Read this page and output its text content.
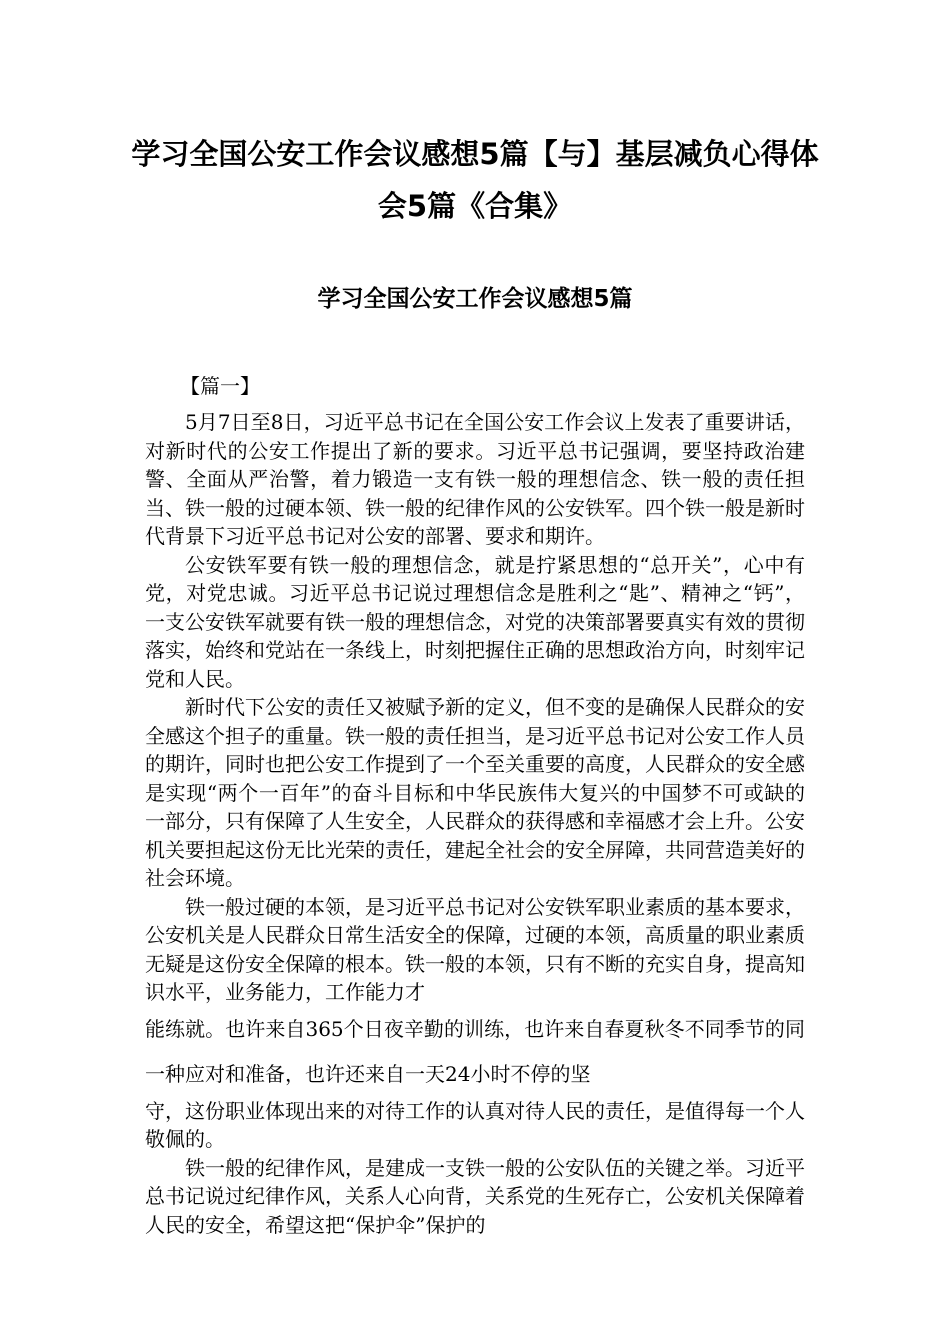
学习全国公安工作会议感想5篇【与】基层减负心得体会5篇《合集》
学习全国公安工作会议感想5篇

【篇一】

5月7日至8日，习近平总书记在全国公安工作会议上发表了重要讲话，对新时代的公安工作提出了新的要求。习近平总书记强调，要坚持政治建警、全面从严治警，着力锻造一支有铁一般的理想信念、铁一般的责任担当、铁一般的过硬本领、铁一般的纪律作风的公安铁军。四个铁一般是新时代背景下习近平总书记对公安的部署、要求和期许。

公安铁军要有铁一般的理想信念，就是拧紧思想的“总开关”，心中有党，对党忠诚。习近平总书记说过理想信念是胜利之“匙”、精神之“钙”，一支公安铁军就要有铁一般的理想信念，对党的决策部署要真实有效的贯彻落实，始终和党站在一条线上，时刻把握住正确的思想政治方向，时刻牢记党和人民。

新时代下公安的责任又被赋予新的定义，但不变的是确保人民群众的安全感这个担子的重量。铁一般的责任担当，是习近平总书记对公安工作人员的期许，同时也把公安工作提到了一个至关重要的高度，人民群众的安全感是实现“两个一百年”的奋斗目标和中华民族伟大复兴的中国梦不可或缺的一部分，只有保障了人生安全，人民群众的获得感和幸福感才会上升。公安机关要担起这份无比光荣的责任，建起全社会的安全屏障，共同营造美好的社会环境。

铁一般过硬的本领，是习近平总书记对公安铁军职业素质的基本要求，公安机关是人民群众日常生活安全的保障，过硬的本领，高质量的职业素质无疑是这份安全保障的根本。铁一般的本领，只有不断的充实自身，提高知识水平，业务能力，工作能力才

能练就。也许来自365个日夜辛勤的训练，也许来自春夏秋冬不同季节的同一种应对和准备，也许还来自一天24小时不停的坚

守，这份职业体现出来的对待工作的认真对待人民的责任，是值得每一个人敬佩的。

铁一般的纪律作风，是建成一支铁一般的公安队伍的关键之举。习近平总书记说过纪律作风，关系人心向背，关系党的生死存亡，公安机关保障着人民的安全，希望这把“保护伞”保护的
